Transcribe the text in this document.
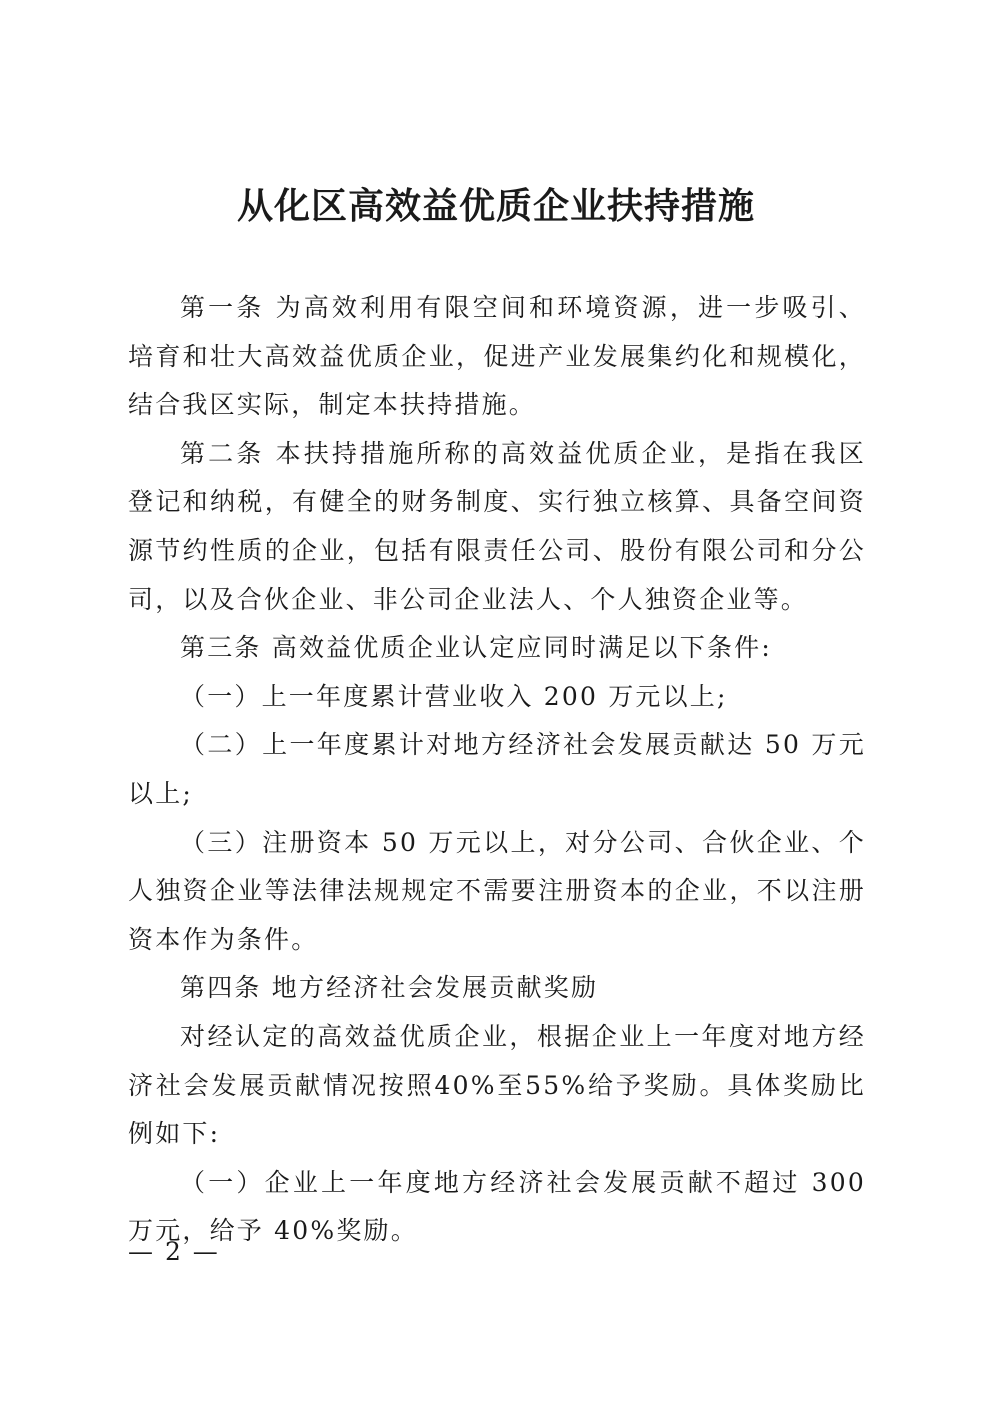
从化区高效益优质企业扶持措施

第一条 为高效利用有限空间和环境资源，进一步吸引、培育和壮大高效益优质企业，促进产业发展集约化和规模化，结合我区实际，制定本扶持措施。

第二条 本扶持措施所称的高效益优质企业，是指在我区登记和纳税，有健全的财务制度、实行独立核算、具备空间资源节约性质的企业，包括有限责任公司、股份有限公司和分公司，以及合伙企业、非公司企业法人、个人独资企业等。

第三条 高效益优质企业认定应同时满足以下条件:

（一）上一年度累计营业收入 200 万元以上;

（二）上一年度累计对地方经济社会发展贡献达 50 万元以上;

（三）注册资本 50 万元以上，对分公司、合伙企业、个人独资企业等法律法规规定不需要注册资本的企业，不以注册资本作为条件。

第四条 地方经济社会发展贡献奖励

对经认定的高效益优质企业，根据企业上一年度对地方经济社会发展贡献情况按照40%至55%给予奖励。具体奖励比例如下:

（一）企业上一年度地方经济社会发展贡献不超过 300 万元，给予 40%奖励。

— 2 —
